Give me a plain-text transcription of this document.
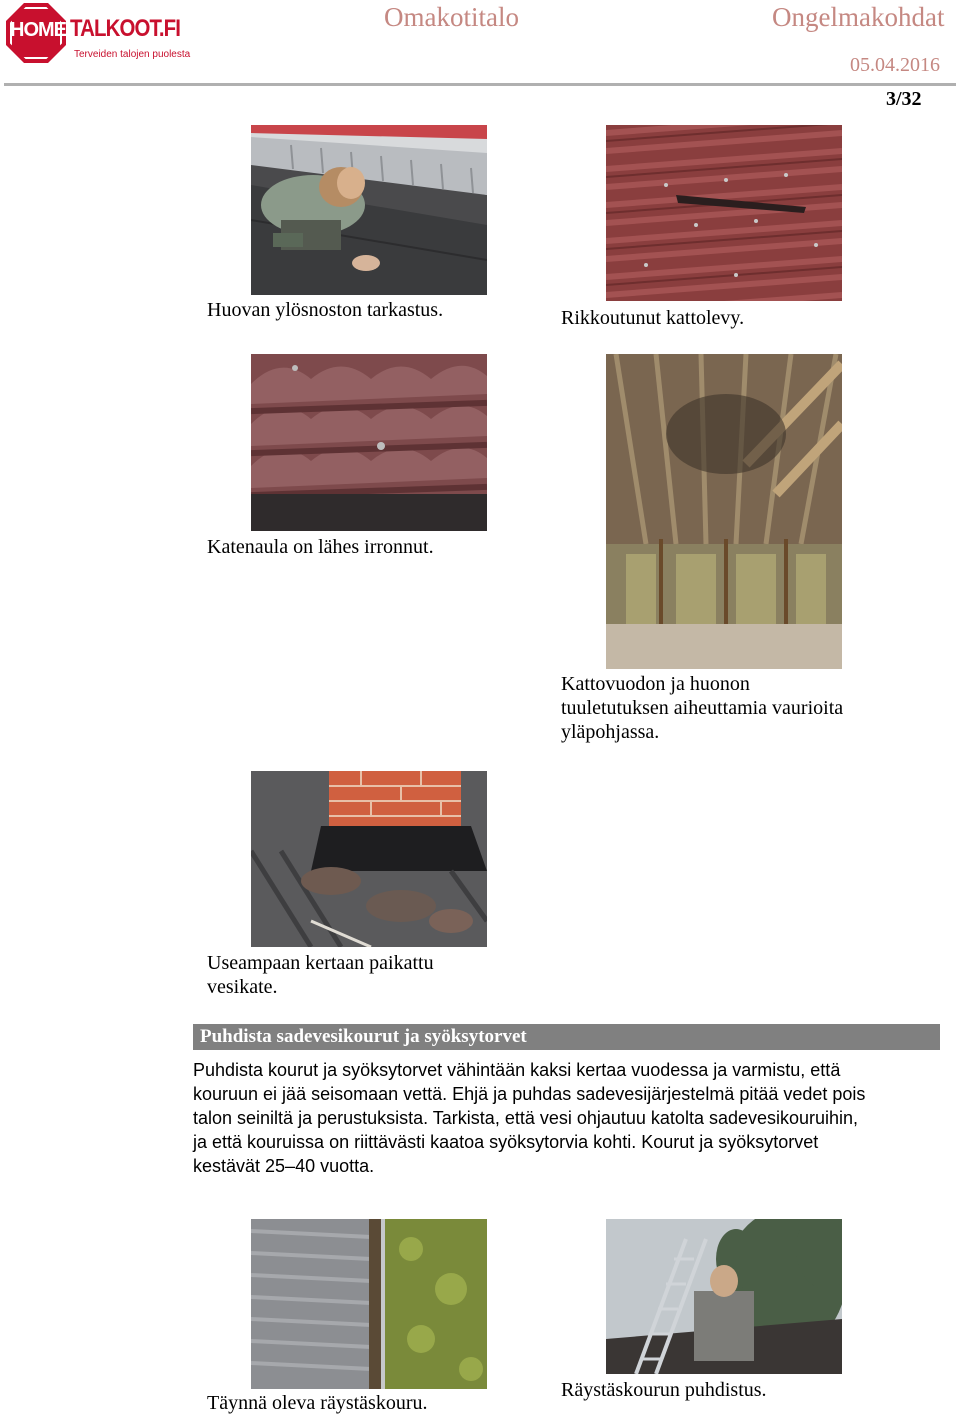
HOME TALKOOT.FI
Terveiden talojen puolesta
Omakotitalo	Ongelmakohdat
05.04.2016
3/32
Huovan ylösnoston tarkastus.	Rikkoutunut kattolevy.
Katenaula on lähes irronnut.
Kattovuodon ja huonon
tuuletutuksen aiheuttamia vaurioita
yläpohjassa.
Useampaan kertaan paikattu
vesikate.
Puhdista sadevesikourut ja syöksytorvet
Puhdista kourut ja syöksytorvet vähintään kaksi kertaa vuodessa ja varmistu, että
kouruun ei jää seisomaan vettä. Ehjä ja puhdas sadevesijärjestelmä pitää vedet pois
talon seiniltä ja perustuksista. Tarkista, että vesi ohjautuu katolta sadevesikouruihin,
ja että kouruissa on riittävästi kaatoa syöksytorvia kohti. Kourut ja syöksytorvet
kestävät 25–40 vuotta.
Täynnä oleva räystäskouru.
Räystäskourun puhdistus.
